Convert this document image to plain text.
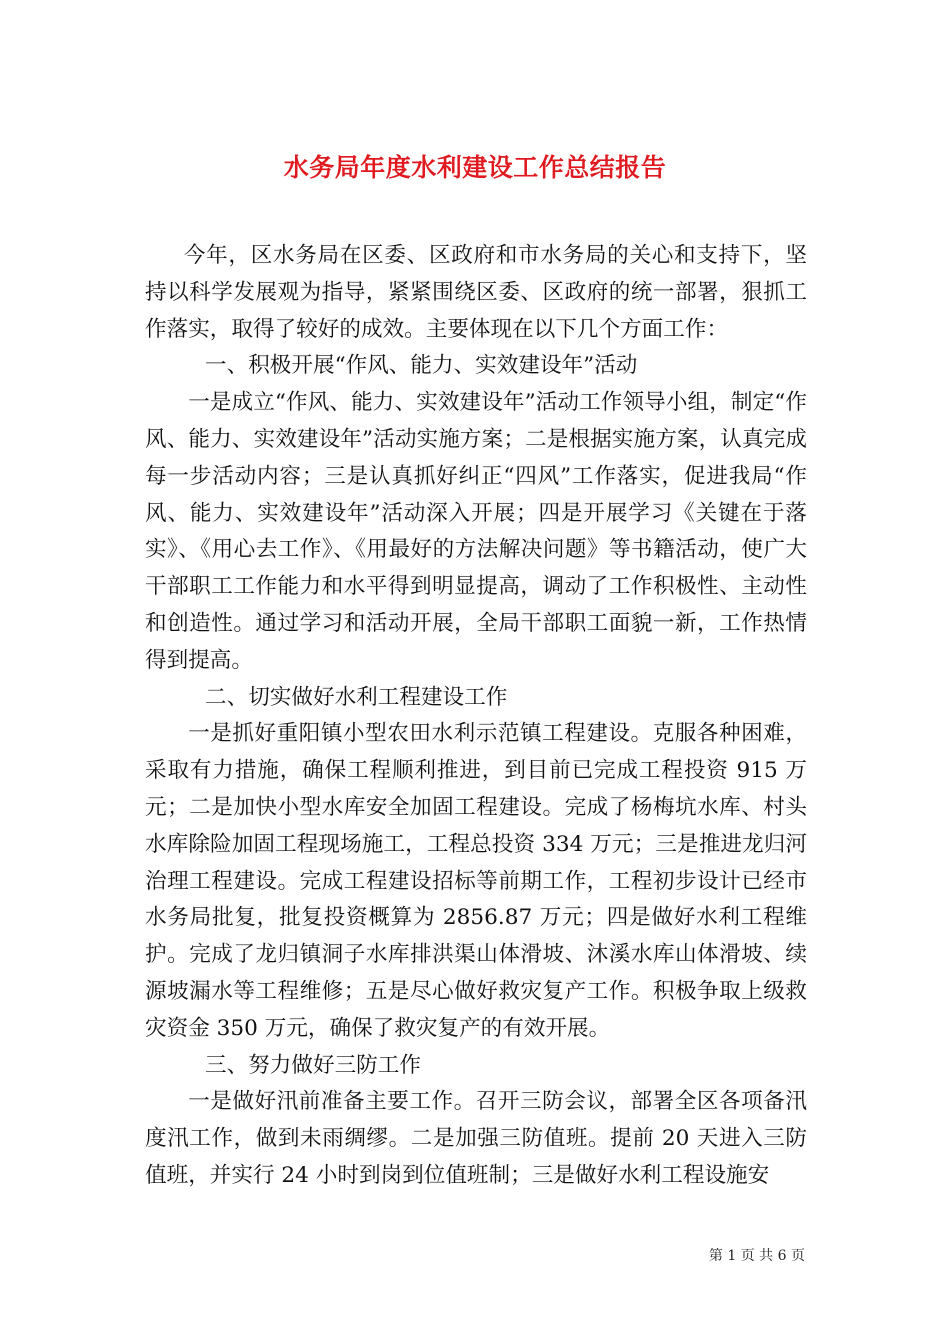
水务局年度水利建设工作总结报告

今年，区水务局在区委、区政府和市水务局的关心和支持下，坚持以科学发展观为指导，紧紧围绕区委、区政府的统一部署，狠抓工作落实，取得了较好的成效。主要体现在以下几个方面工作：

一、积极开展“作风、能力、实效建设年”活动

一是成立“作风、能力、实效建设年”活动工作领导小组，制定“作风、能力、实效建设年”活动实施方案；二是根据实施方案，认真完成每一步活动内容；三是认真抓好纠正“四风”工作落实，促进我局“作风、能力、实效建设年”活动深入开展；四是开展学习《关键在于落实》、《用心去工作》、《用最好的方法解决问题》等书籍活动，使广大干部职工工作能力和水平得到明显提高，调动了工作积极性、主动性和创造性。通过学习和活动开展，全局干部职工面貌一新，工作热情得到提高。

二、切实做好水利工程建设工作

一是抓好重阳镇小型农田水利示范镇工程建设。克服各种困难，采取有力措施，确保工程顺利推进，到目前已完成工程投资 915 万元；二是加快小型水库安全加固工程建设。完成了杨梅坑水库、村头水库除险加固工程现场施工，工程总投资 334 万元；三是推进龙归河治理工程建设。完成工程建设招标等前期工作，工程初步设计已经市水务局批复，批复投资概算为 2856.87 万元；四是做好水利工程维护。完成了龙归镇洞子水库排洪渠山体滑坡、沐溪水库山体滑坡、续源坡漏水等工程维修；五是尽心做好救灾复产工作。积极争取上级救灾资金 350 万元，确保了救灾复产的有效开展。

三、努力做好三防工作

一是做好汛前准备主要工作。召开三防会议，部署全区各项备汛度汛工作，做到未雨绸缪。二是加强三防值班。提前 20 天进入三防值班，并实行 24 小时到岗到位值班制；三是做好水利工程设施安

第 1 页 共 6 页
